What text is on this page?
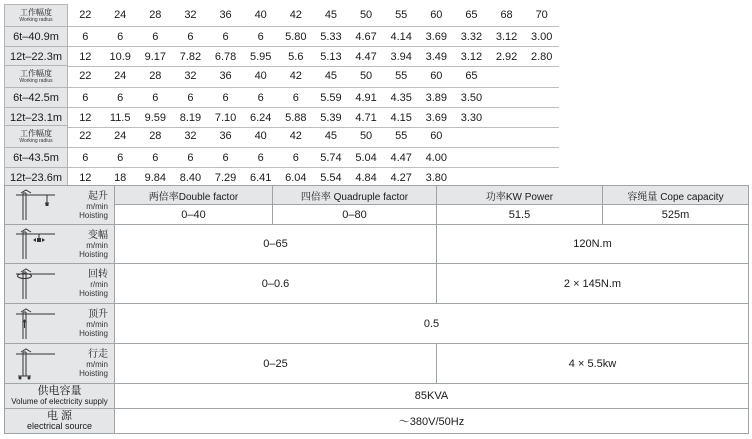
工作幅度
Working radius	22	24	28	32	36	40	42	45	50	55	60	65	68	70
6t–40.9m	6	6	6	6	6	6	5.80	5.33	4.67	4.14	3.69	3.32	3.12	3.00
12t–22.3m	12	10.9	9.17	7.82	6.78	5.95	5.6	5.13	4.47	3.94	3.49	3.12	2.92	2.80
工作幅度
Working radius	22	24	28	32	36	40	42	45	50	55	60	65		
6t–42.5m	6	6	6	6	6	6	6	5.59	4.91	4.35	3.89	3.50		
12t–23.1m	12	11.5	9.59	8.19	7.10	6.24	5.88	5.39	4.71	4.15	3.69	3.30		
工作幅度
Working radius	22	24	28	32	36	40	42	45	50	55	60			
6t–43.5m	6	6	6	6	6	6	6	5.74	5.04	4.47	4.00			
12t–23.6m	12	18	9.84	8.40	7.29	6.41	6.04	5.54	4.84	4.27	3.80			
起升
m/min
Hoisting	两倍率Double factor	四倍率 Quadruple factor	功率KW Power	容绳量 Cope capacity
	0–40	0–80	51.5	525m

变幅
m/min
Hoisting	0–65		120N.m	

回转
r/min
Hoisting	0–0.6		2 × 145N.m	

顶升
m/min
Hoisting	0.5			

行走
m/min
Hoisting	0–25		4 × 5.5kw	

供电容量
Volume of electricity supply	85KVA			

电 源
electrical source	～380V/50Hz			
